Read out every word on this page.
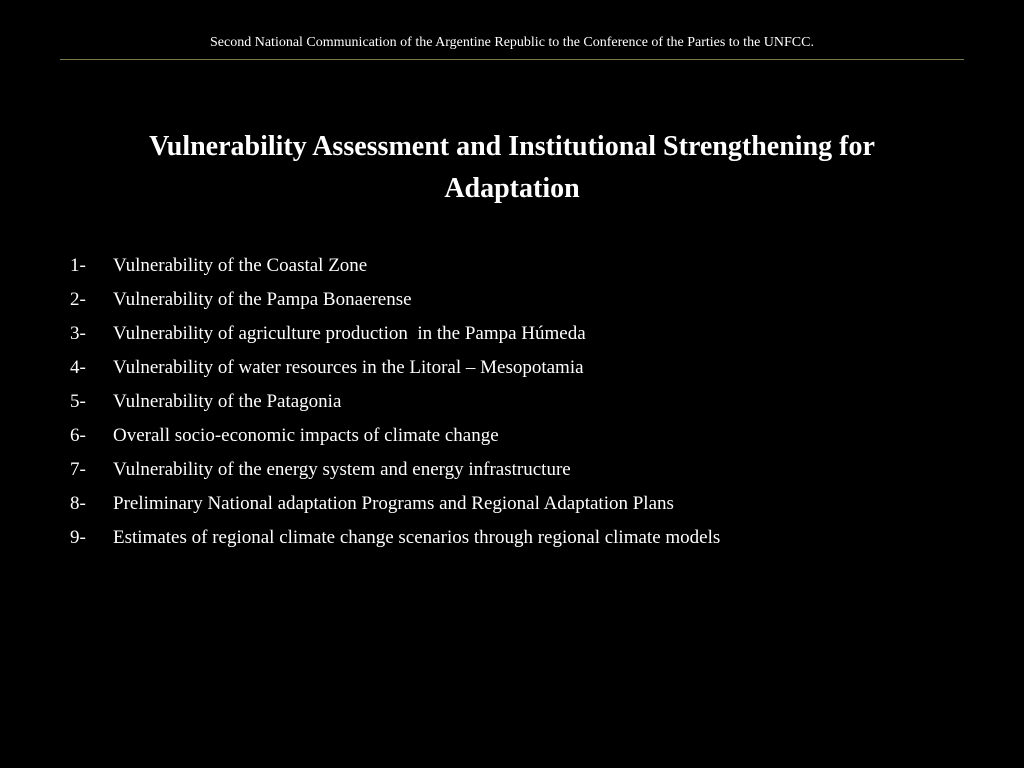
Second National Communication of the Argentine Republic to the Conference of the Parties to the UNFCC.
Vulnerability Assessment and Institutional Strengthening for
Adaptation
1-	Vulnerability of the Coastal Zone
2-	Vulnerability of the Pampa Bonaerense
3-	Vulnerability of agriculture production  in the Pampa Húmeda
4-	Vulnerability of water resources in the Litoral – Mesopotamia
5-	Vulnerability of the Patagonia
6-	Overall socio-economic impacts of climate change
7-	Vulnerability of the energy system and energy infrastructure
8-	Preliminary National adaptation Programs and Regional Adaptation Plans
9-	Estimates of regional climate change scenarios through regional climate models
